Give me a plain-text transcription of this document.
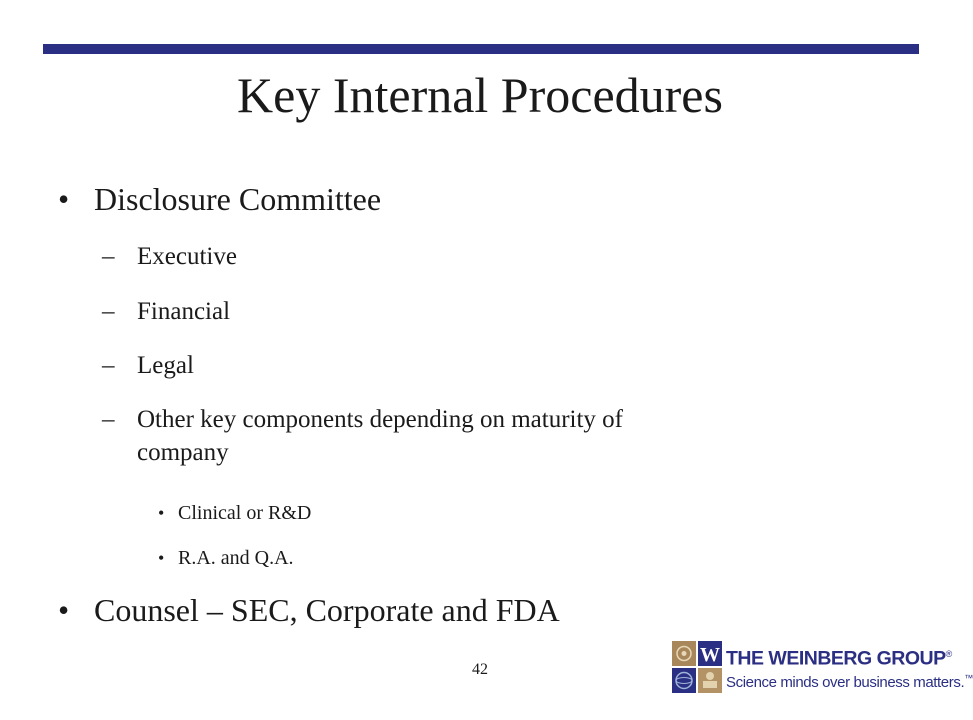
Key Internal Procedures
• Disclosure Committee
– Executive
– Financial
– Legal
– Other key components depending on maturity of
company
• Clinical or R&D
• R.A. and Q.A.
• Counsel – SEC, Corporate and FDA
42
W THE WEINBERG GROUP®
Science minds over business matters.™
